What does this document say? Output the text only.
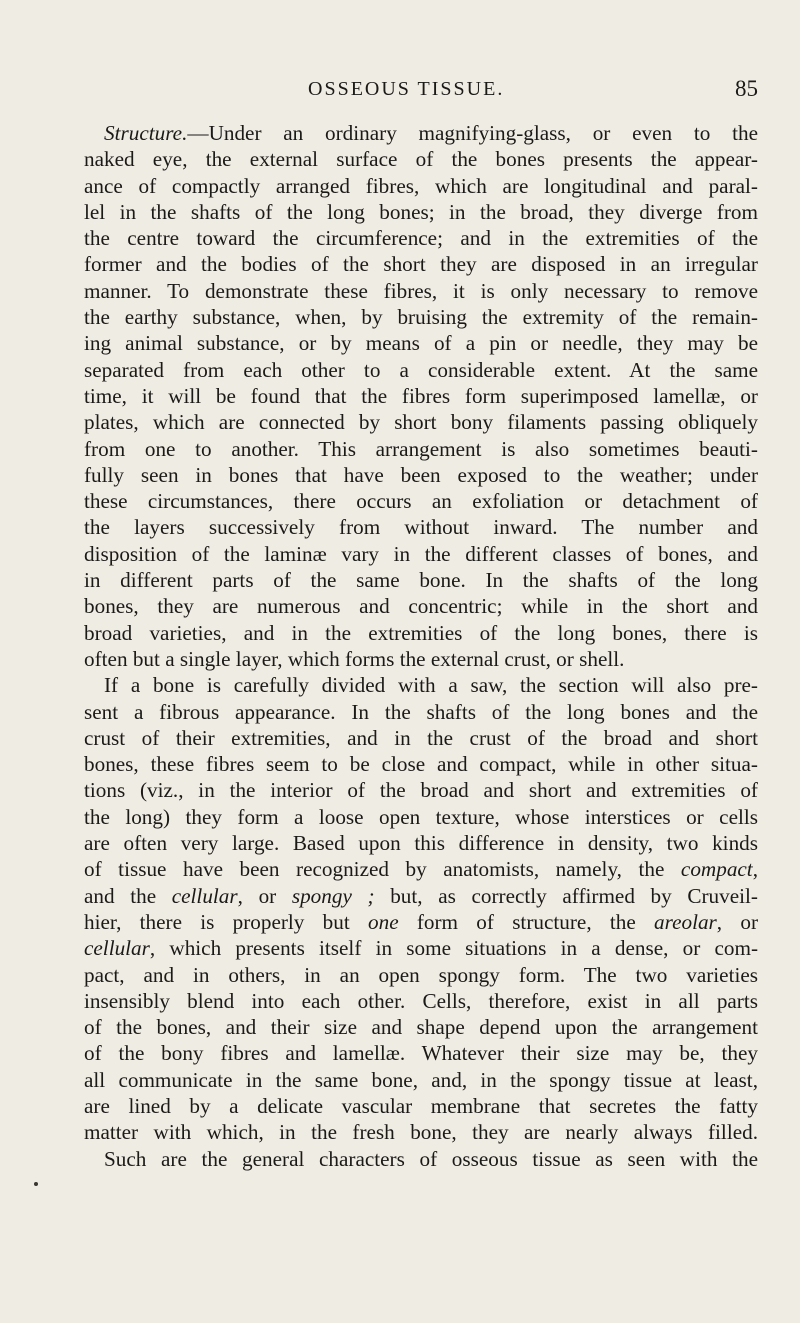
OSSEOUS TISSUE.	85
Structure.—Under an ordinary magnifying-glass, or even to the
naked eye, the external surface of the bones presents the appear-
ance of compactly arranged fibres, which are longitudinal and paral-
lel in the shafts of the long bones; in the broad, they diverge from
the centre toward the circumference; and in the extremities of the
former and the bodies of the short they are disposed in an irregular
manner. To demonstrate these fibres, it is only necessary to remove
the earthy substance, when, by bruising the extremity of the remain-
ing animal substance, or by means of a pin or needle, they may be
separated from each other to a considerable extent. At the same
time, it will be found that the fibres form superimposed lamellæ, or
plates, which are connected by short bony filaments passing obliquely
from one to another. This arrangement is also sometimes beauti-
fully seen in bones that have been exposed to the weather; under
these circumstances, there occurs an exfoliation or detachment of
the layers successively from without inward. The number and
disposition of the laminæ vary in the different classes of bones, and
in different parts of the same bone. In the shafts of the long
bones, they are numerous and concentric; while in the short and
broad varieties, and in the extremities of the long bones, there is
often but a single layer, which forms the external crust, or shell.
If a bone is carefully divided with a saw, the section will also pre-
sent a fibrous appearance. In the shafts of the long bones and the
crust of their extremities, and in the crust of the broad and short
bones, these fibres seem to be close and compact, while in other situa-
tions (viz., in the interior of the broad and short and extremities of
the long) they form a loose open texture, whose interstices or cells
are often very large. Based upon this difference in density, two kinds
of tissue have been recognized by anatomists, namely, the compact,
and the cellular, or spongy ; but, as correctly affirmed by Cruveil-
hier, there is properly but one form of structure, the areolar, or
cellular, which presents itself in some situations in a dense, or com-
pact, and in others, in an open spongy form. The two varieties
insensibly blend into each other. Cells, therefore, exist in all parts
of the bones, and their size and shape depend upon the arrangement
of the bony fibres and lamellæ. Whatever their size may be, they
all communicate in the same bone, and, in the spongy tissue at least,
are lined by a delicate vascular membrane that secretes the fatty
matter with which, in the fresh bone, they are nearly always filled.
Such are the general characters of osseous tissue as seen with the
